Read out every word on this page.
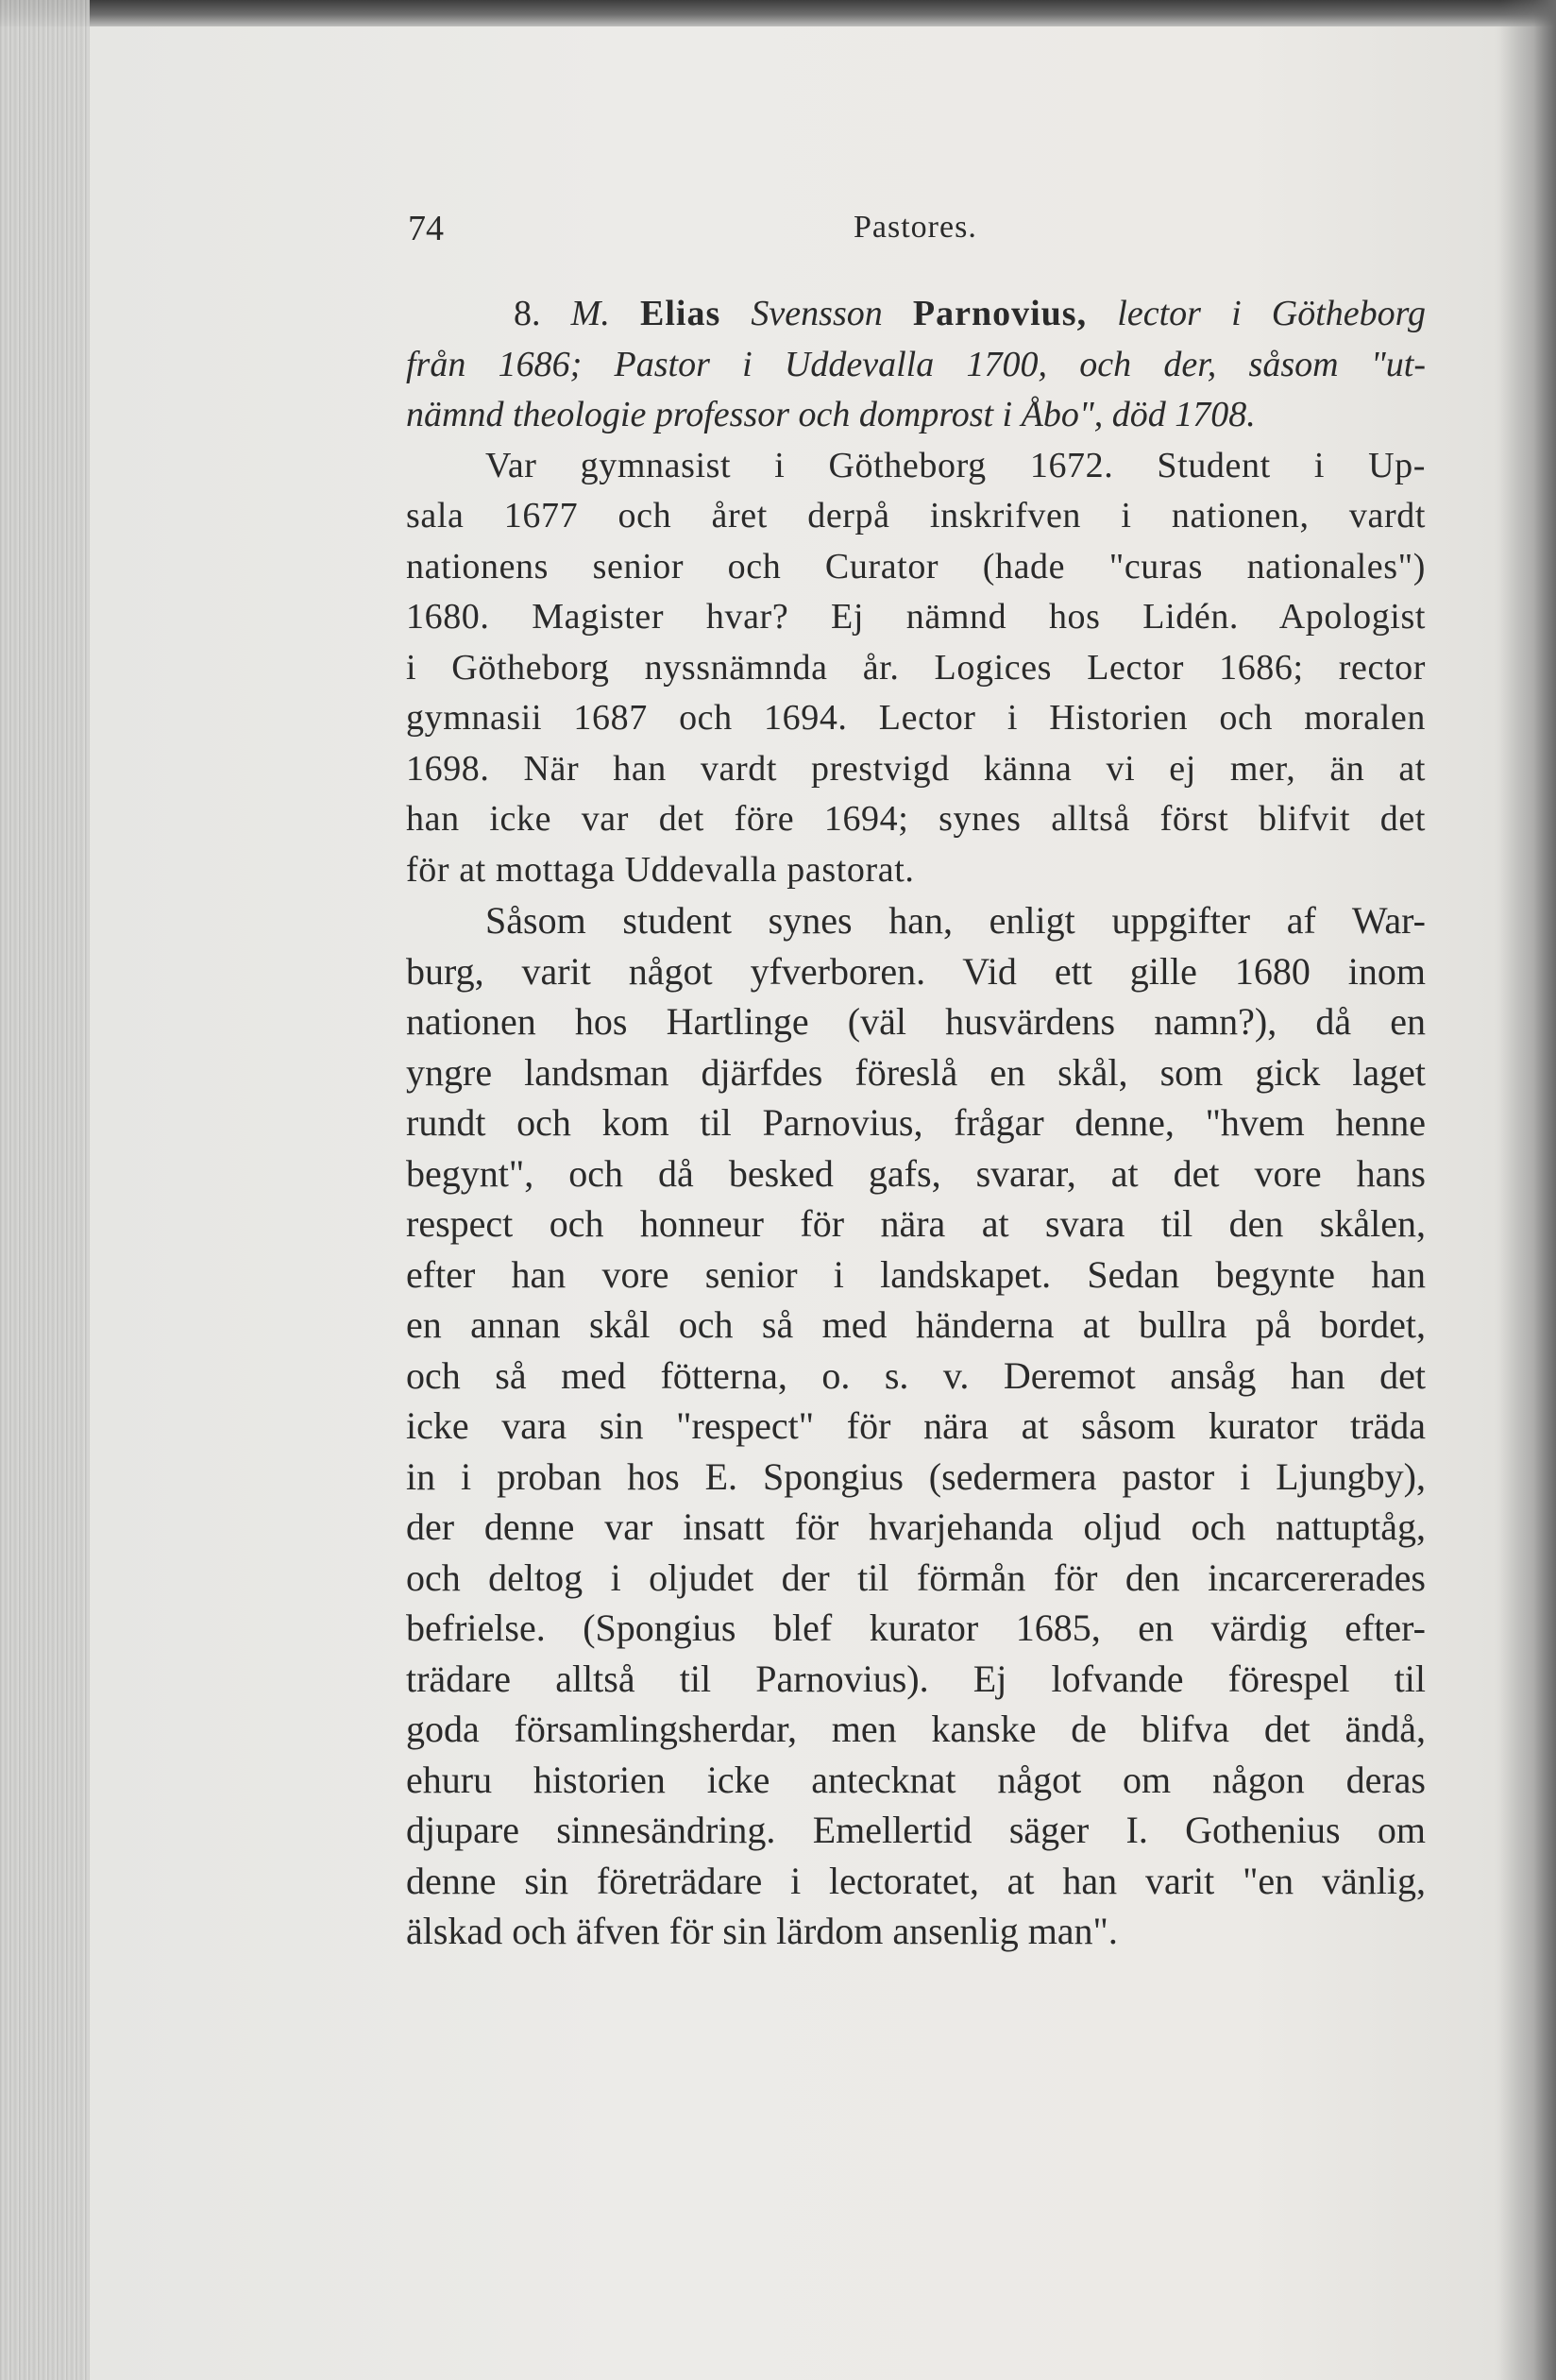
74	Pastores.
8. M. Elias Svensson Parnovius, lector i Götheborg
från 1686; Pastor i Uddevalla 1700, och der, såsom "ut-
nämnd theologie professor och domprost i Åbo", död 1708.
Var gymnasist i Götheborg 1672. Student i Up-
sala 1677 och året derpå inskrifven i nationen, vardt
nationens senior och Curator (hade "curas nationales")
1680. Magister hvar? Ej nämnd hos Lidén. Apologist
i Götheborg nyssnämnda år. Logices Lector 1686; rector
gymnasii 1687 och 1694. Lector i Historien och moralen
1698. När han vardt prestvigd känna vi ej mer, än at
han icke var det före 1694; synes alltså först blifvit det
för at mottaga Uddevalla pastorat.
Såsom student synes han, enligt uppgifter af War-
burg, varit något yfverboren. Vid ett gille 1680 inom
nationen hos Hartlinge (väl husvärdens namn?), då en
yngre landsman djärfdes föreslå en skål, som gick laget
rundt och kom til Parnovius, frågar denne, "hvem henne
begynt", och då besked gafs, svarar, at det vore hans
respect och honneur för nära at svara til den skålen,
efter han vore senior i landskapet. Sedan begynte han
en annan skål och så med händerna at bullra på bordet,
och så med fötterna, o. s. v. Deremot ansåg han det
icke vara sin "respect" för nära at såsom kurator träda
in i proban hos E. Spongius (sedermera pastor i Ljungby),
der denne var insatt för hvarjehanda oljud och nattuptåg,
och deltog i oljudet der til förmån för den incarcererades
befrielse. (Spongius blef kurator 1685, en värdig efter-
trädare alltså til Parnovius). Ej lofvande förespel til
goda församlingsherdar, men kanske de blifva det ändå,
ehuru historien icke antecknat något om någon deras
djupare sinnesändring. Emellertid säger I. Gothenius om
denne sin företrädare i lectoratet, at han varit "en vänlig,
älskad och äfven för sin lärdom ansenlig man".
